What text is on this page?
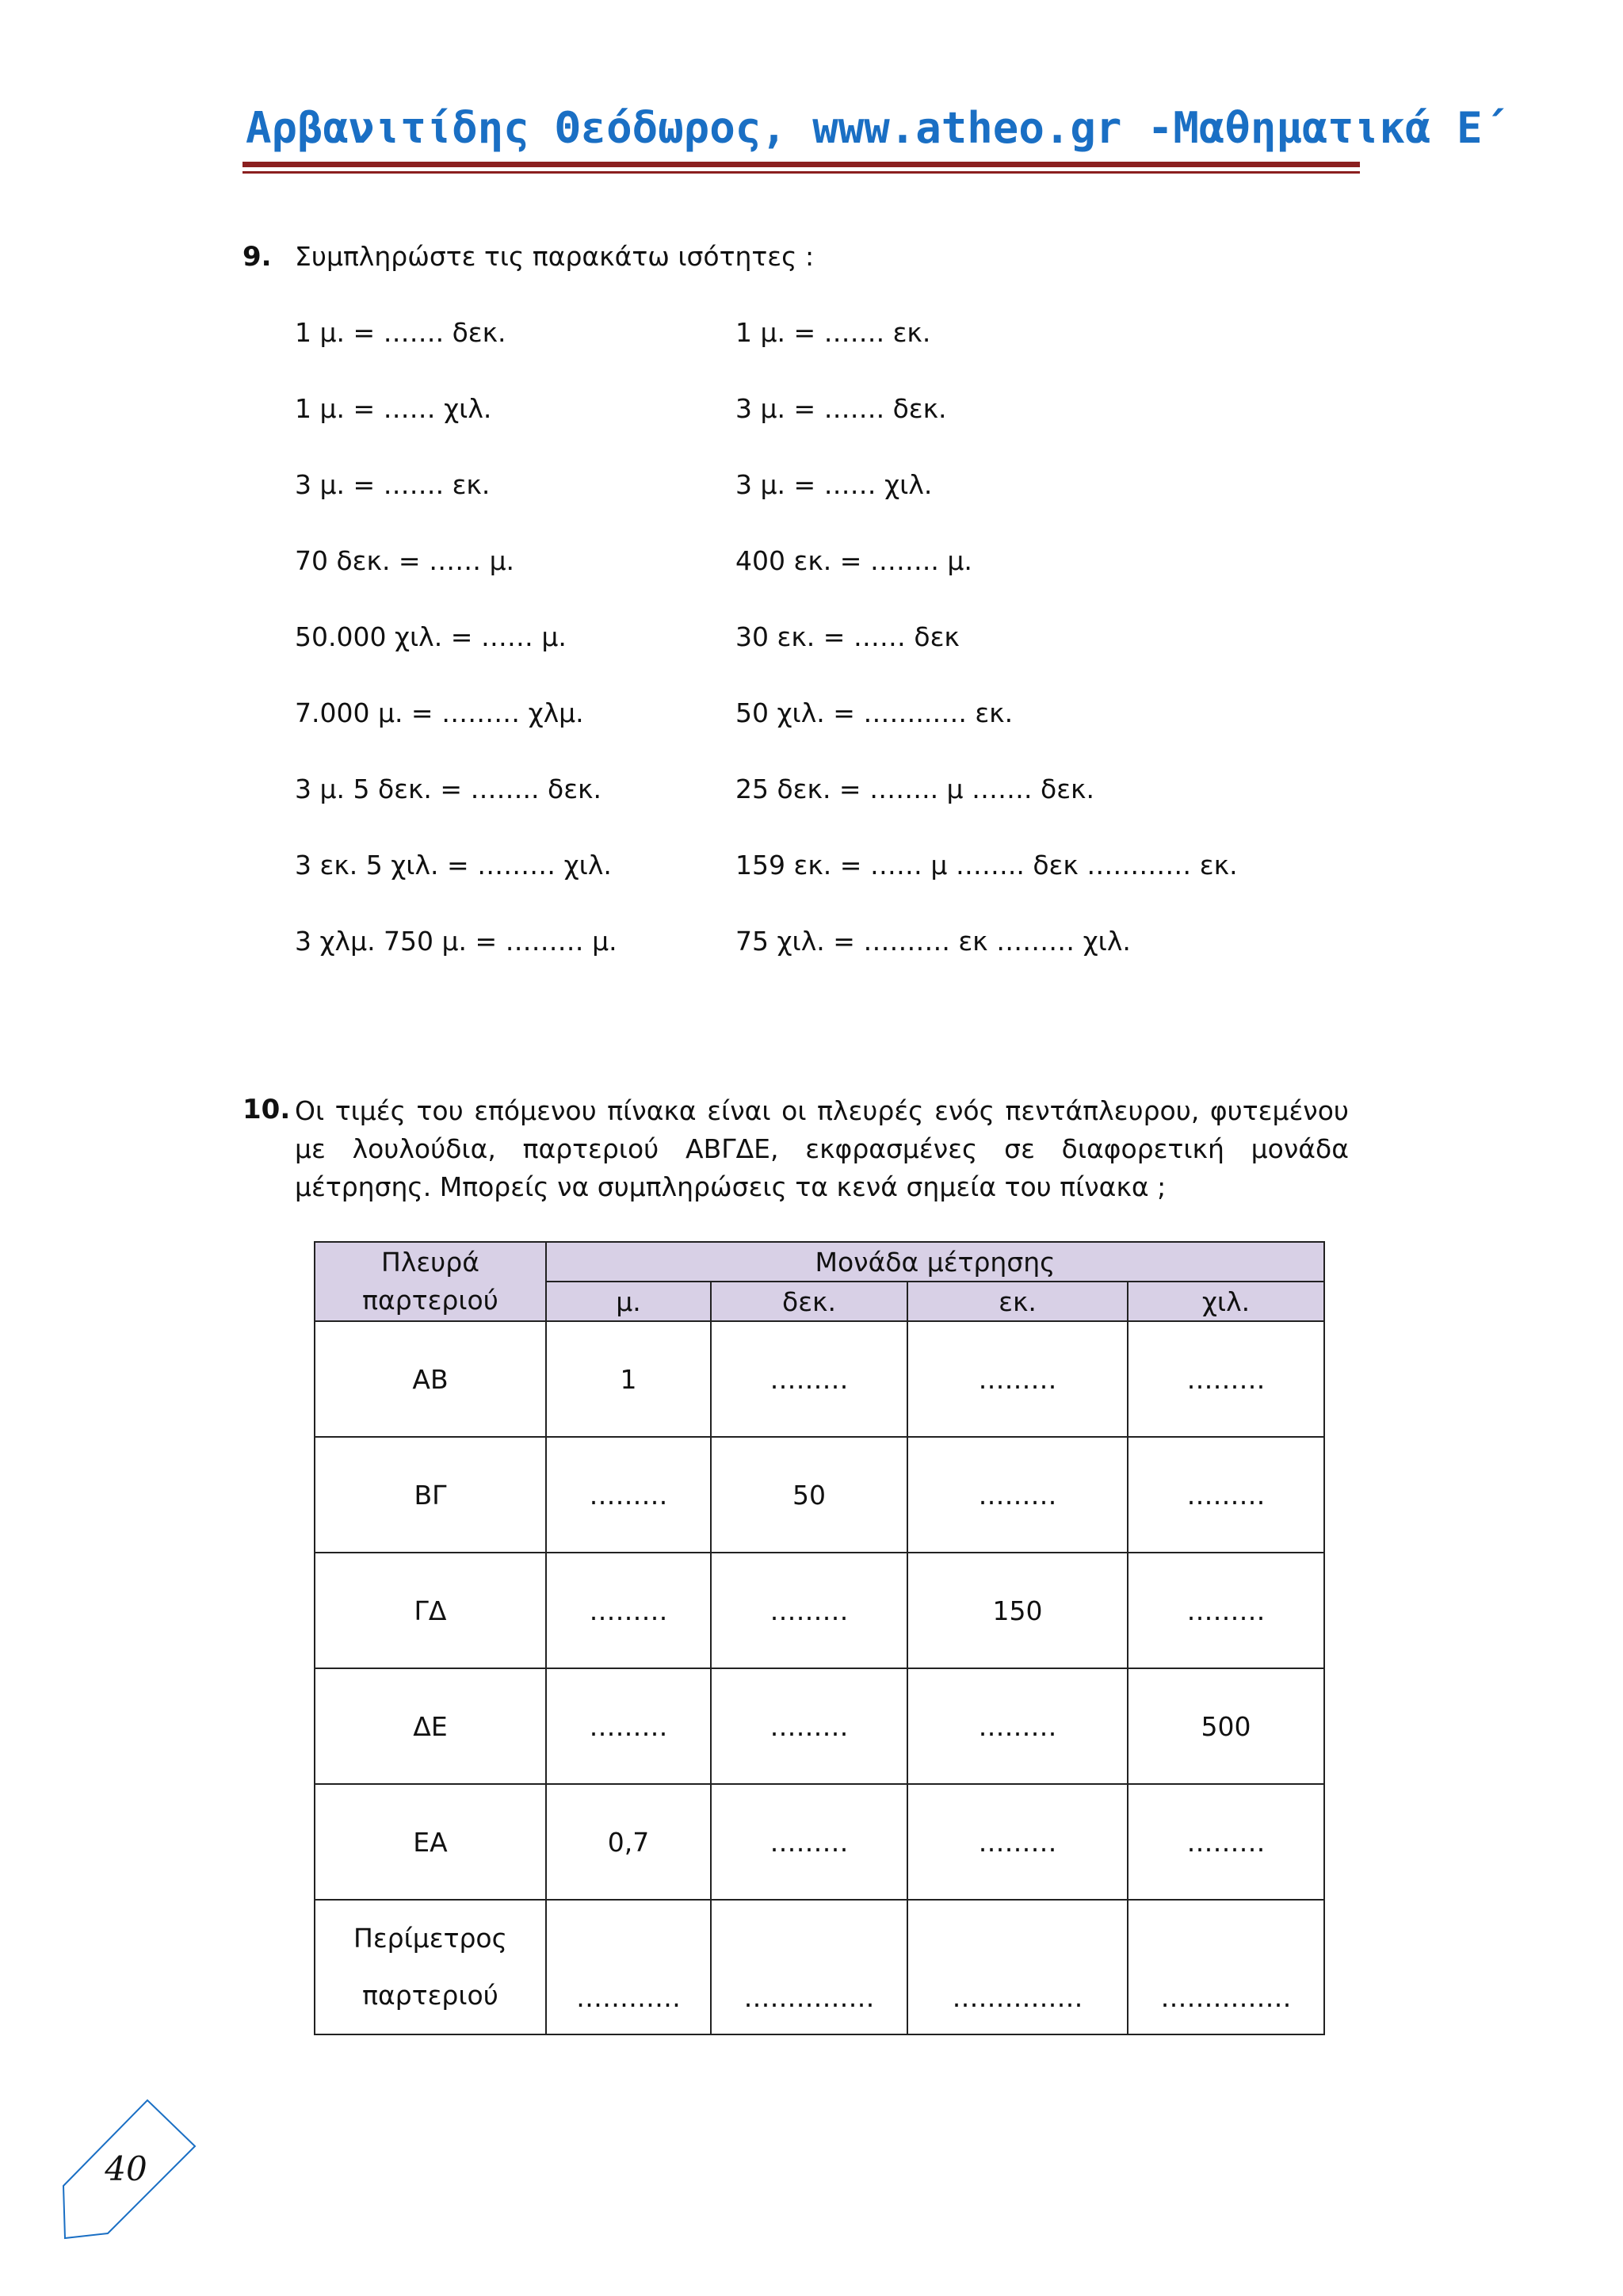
Αρβανιτίδης Θεόδωρος, www.atheo.gr -Μαθηματικά Ε΄
9. Συμπληρώστε τις παρακάτω ισότητες :
1 μ. = ……. δεκ.
1 μ. = …… χιλ.
3 μ. = ……. εκ.
70 δεκ. = …… μ.
50.000 χιλ. = …… μ.
7.000 μ. = ……… χλμ.
3 μ. 5 δεκ. = …….. δεκ.
3 εκ. 5 χιλ. = ……… χιλ.
3 χλμ. 750 μ. = ……… μ.
1 μ. = ……. εκ.
3 μ. = ……. δεκ.
3 μ. = …… χιλ.
400 εκ. = …….. μ.
30 εκ. = …… δεκ
50 χιλ. = ……..…. εκ.
25 δεκ. = …….. μ ……. δεκ.
159 εκ. = …… μ …….. δεκ ………… εκ.
75 χιλ. = ………. εκ ……… χιλ.
10. Οι τιμές του επόμενου πίνακα είναι οι πλευρές ενός πεντάπλευρου, φυτεμένου με λουλούδια, παρτεριού ΑΒΓΔΕ, εκφρασμένες σε διαφορετική μονάδα μέτρησης. Μπορείς να συμπληρώσεις τα κενά σημεία του πίνακα ;
Πλευρά
παρτεριού	Μονάδα μέτρησης			
	μ.	δεκ.	εκ.	χιλ.
ΑΒ	1	………	………	………
ΒΓ	………	50	………	………
ΓΔ	………	………	150	………
ΔΕ	………	………	………	500
ΕΑ	0,7	………	………	………

Περίμετρος
παρτεριού	…………	……………	……………	……………
40
